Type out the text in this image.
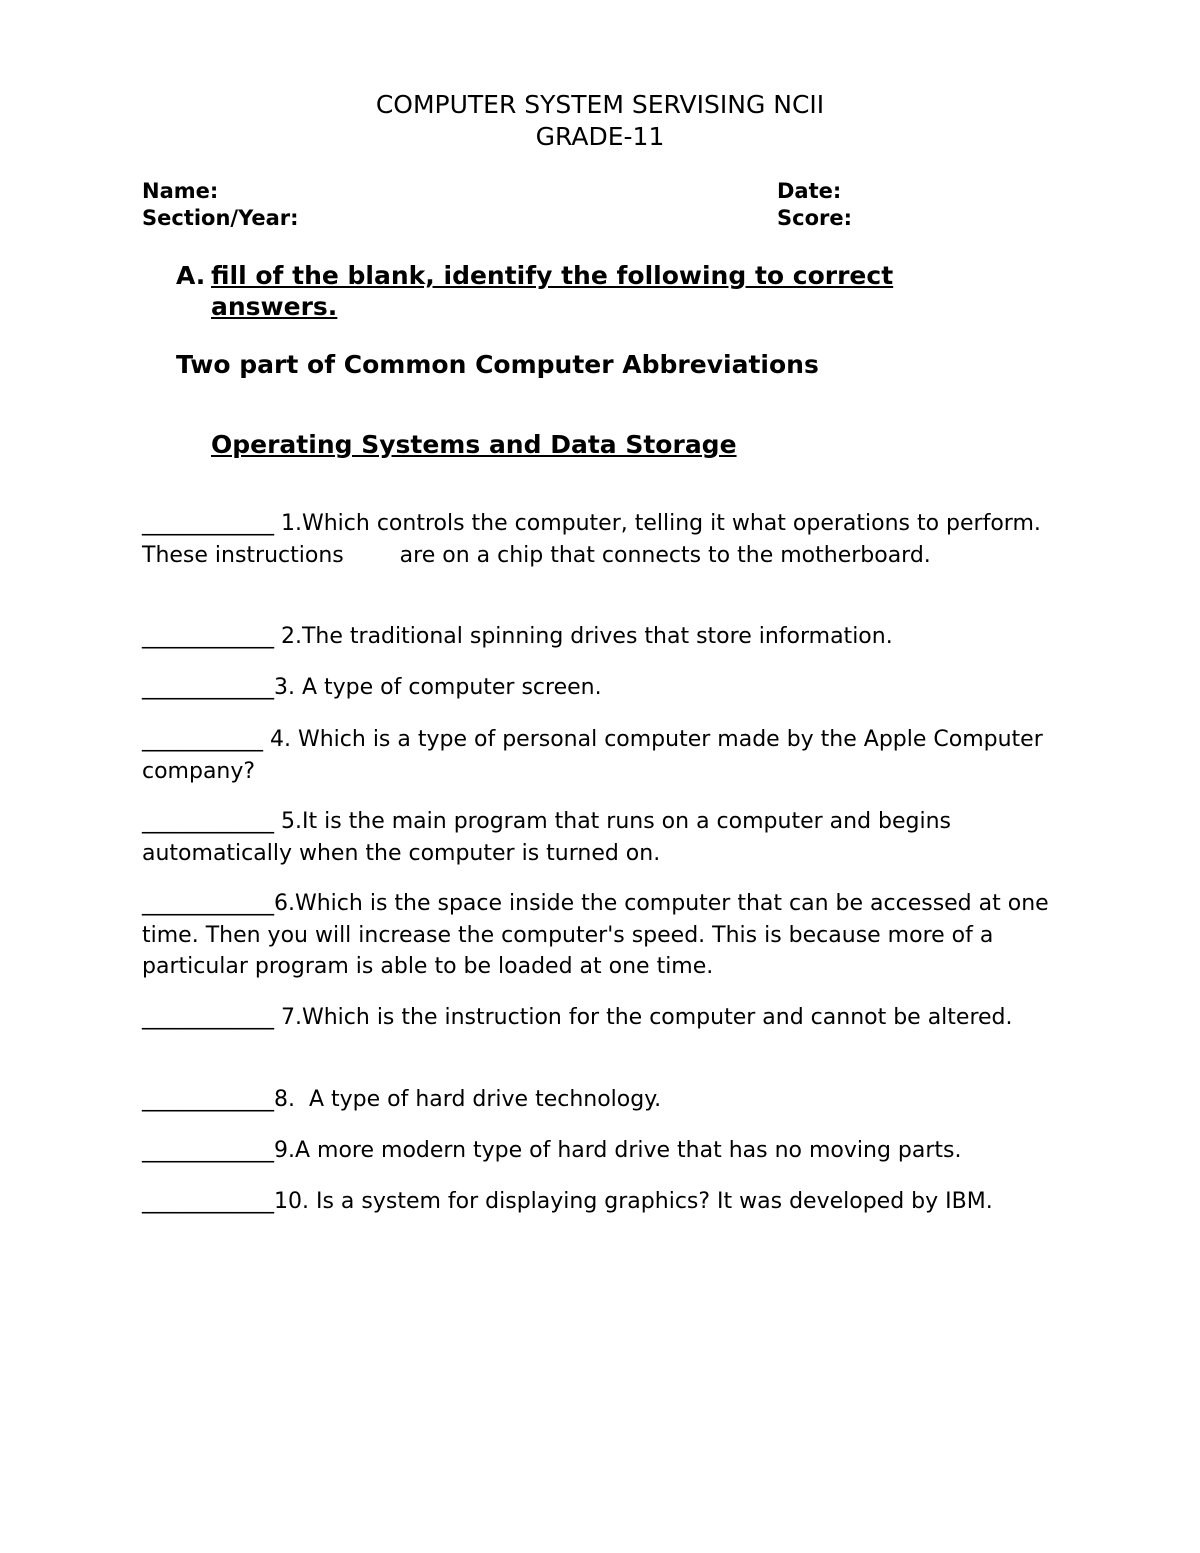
COMPUTER SYSTEM SERVISING NCII
GRADE-11
Name:	Date:
Section/Year:	Score:
A. fill of the blank, identify the following to correct answers.
Two part of Common Computer Abbreviations
Operating Systems and Data Storage
____________ 1.Which controls the computer, telling it what operations to perform. These instructions        are on a chip that connects to the motherboard.
____________ 2.The traditional spinning drives that store information.
____________3. A type of computer screen.
___________ 4. Which is a type of personal computer made by the Apple Computer company?
____________ 5.It is the main program that runs on a computer and begins automatically when the computer is turned on.
____________6.Which is the space inside the computer that can be accessed at one time. Then you will increase the computer's speed. This is because more of a particular program is able to be loaded at one time.
____________ 7.Which is the instruction for the computer and cannot be altered.
____________8.  A type of hard drive technology.
____________9.A more modern type of hard drive that has no moving parts.
____________10. Is a system for displaying graphics? It was developed by IBM.
